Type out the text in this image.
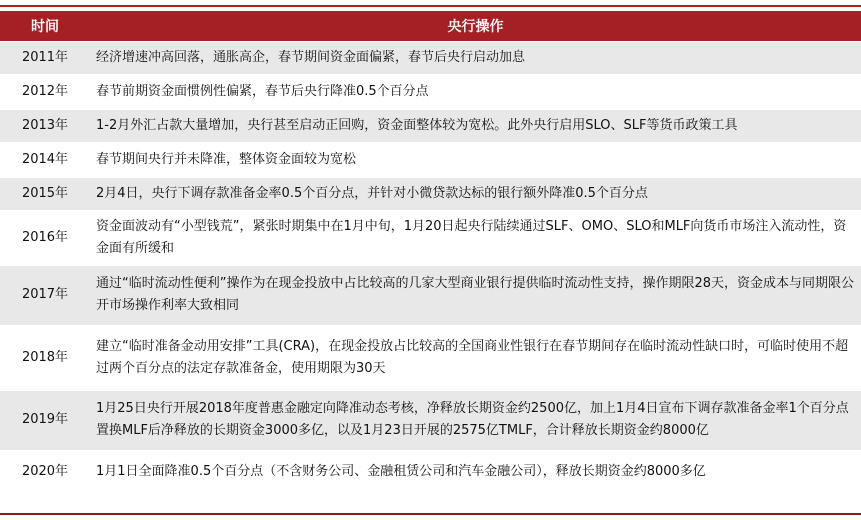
时间	央行操作
2011年	经济增速冲高回落，通胀高企，春节期间资金面偏紧，春节后央行启动加息
2012年	春节前期资金面惯例性偏紧，春节后央行降准0.5个百分点
2013年	1-2月外汇占款大量增加，央行甚至启动正回购，资金面整体较为宽松。此外央行启用SLO、SLF等货币政策工具
2014年	春节期间央行并未降准，整体资金面较为宽松
2015年	2月4日，央行下调存款准备金率0.5个百分点，并针对小微贷款达标的银行额外降准0.5个百分点
2016年	资金面波动有“小型钱荒”，紧张时期集中在1月中旬，1月20日起央行陆续通过SLF、OMO、SLO和MLF向货币市场注入流动性，资金面有所缓和
2017年	通过“临时流动性便利”操作为在现金投放中占比较高的几家大型商业银行提供临时流动性支持，操作期限28天，资金成本与同期限公开市场操作利率大致相同
2018年	建立“临时准备金动用安排”工具(CRA)，在现金投放占比较高的全国商业性银行在春节期间存在临时流动性缺口时，可临时使用不超过两个百分点的法定存款准备金，使用期限为30天
2019年	1月25日央行开展2018年度普惠金融定向降准动态考核，净释放长期资金约2500亿，加上1月4日宣布下调存款准备金率1个百分点置换MLF后净释放的长期资金3000多亿，以及1月23日开展的2575亿TMLF，合计释放长期资金约8000亿
2020年	1月1日全面降准0.5个百分点（不含财务公司、金融租赁公司和汽车金融公司），释放长期资金约8000多亿
